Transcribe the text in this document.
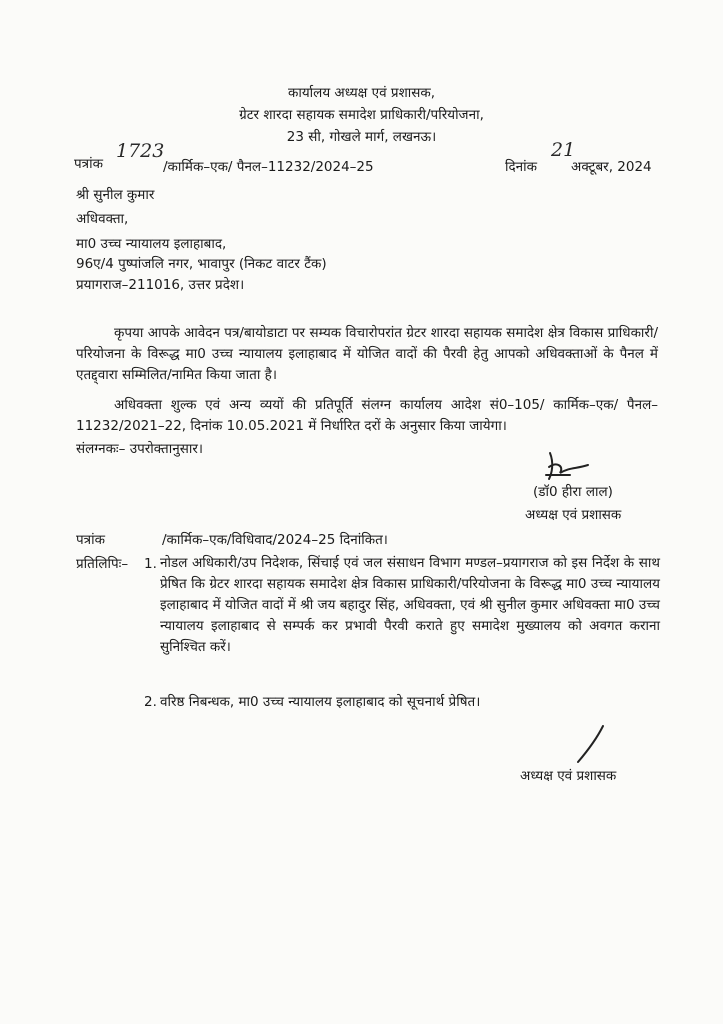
कार्यालय अध्यक्ष एवं प्रशासक,
ग्रेटर शारदा सहायक समादेश प्राधिकारी/परियोजना,
23 सी, गोखले मार्ग, लखनऊ।
पत्रांक
1723
/कार्मिक–एक/ पैनल–11232/2024–25	दिनांक
21
अक्टूबर, 2024
श्री सुनील कुमार
अधिवक्ता,
मा0 उच्च न्यायालय इलाहाबाद,
96ए/4 पुष्पांजलि नगर, भावापुर (निकट वाटर टैंक)
प्रयागराज–211016, उत्तर प्रदेश।
कृपया आपके आवेदन पत्र/बायोडाटा पर सम्यक विचारोपरांत ग्रेटर शारदा सहायक समादेश क्षेत्र विकास प्राधिकारी/परियोजना के विरूद्ध मा0 उच्च न्यायालय इलाहाबाद में योजित वादों की पैरवी हेतु आपको अधिवक्ताओं के पैनल में एतद्द्वारा सम्मिलित/नामित किया जाता है।
अधिवक्ता शुल्क एवं अन्य व्ययों की प्रतिपूर्ति संलग्न कार्यालय आदेश सं0–105/ कार्मिक–एक/ पैनल–11232/2021–22, दिनांक 10.05.2021 में निर्धारित दरों के अनुसार किया जायेगा।
संलग्नकः– उपरोक्तानुसार।
(डॉ0 हीरा लाल)
अध्यक्ष एवं प्रशासक
पत्रांक	/कार्मिक–एक/विधिवाद/2024–25 दिनांकित।
प्रतिलिपिः– 1. नोडल अधिकारी/उप निदेशक, सिंचाई एवं जल संसाधन विभाग मण्डल–प्रयागराज को इस निर्देश के साथ प्रेषित कि ग्रेटर शारदा सहायक समादेश क्षेत्र विकास प्राधिकारी/परियोजना के विरूद्ध मा0 उच्च न्यायालय इलाहाबाद में योजित वादों में श्री जय बहादुर सिंह, अधिवक्ता, एवं श्री सुनील कुमार अधिवक्ता मा0 उच्च न्यायालय इलाहाबाद से सम्पर्क कर प्रभावी पैरवी कराते हुए समादेश मुख्यालय को अवगत कराना सुनिश्चित करें।
2. वरिष्ठ निबन्धक, मा0 उच्च न्यायालय इलाहाबाद को सूचनार्थ प्रेषित।
अध्यक्ष एवं प्रशासक
